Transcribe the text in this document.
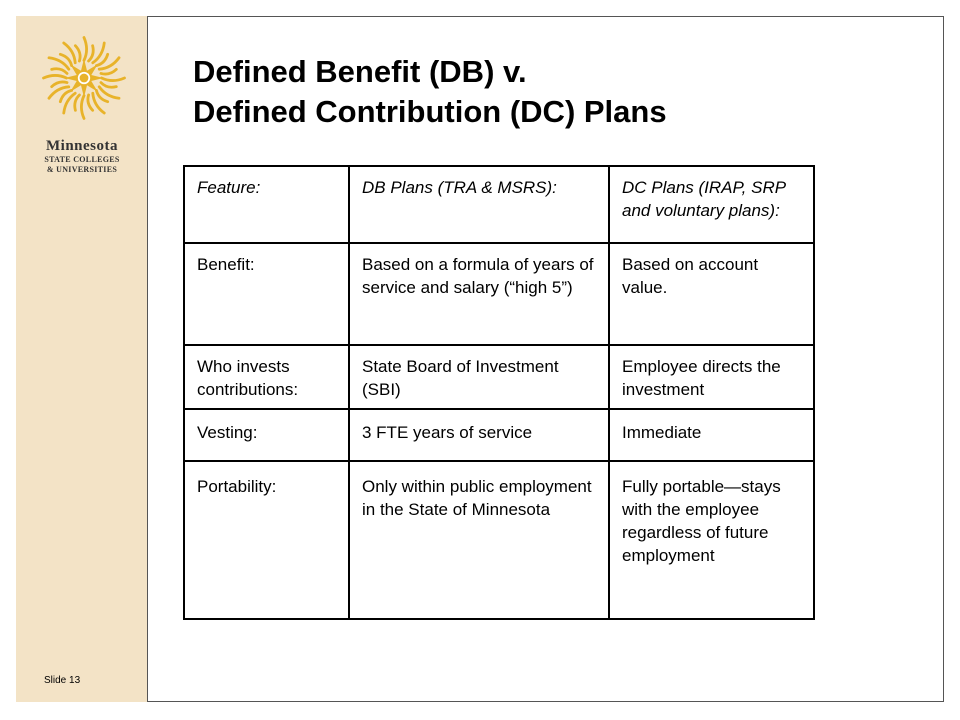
Minnesota
STATE COLLEGES
& UNIVERSITIES
Slide 13
Defined Benefit (DB) v.
Defined Contribution (DC) Plans
Feature:	DB Plans (TRA & MSRS):	DC Plans (IRAP, SRP and voluntary plans):
Benefit:	Based on a formula of years of service and salary (“high 5”)	Based on account value.
Who invests contributions:	State Board of Investment (SBI)	Employee directs the investment
Vesting:	3 FTE years of service	Immediate
Portability:	Only within public employment in the State of Minnesota	Fully portable—stays with the employee regardless of future employment
